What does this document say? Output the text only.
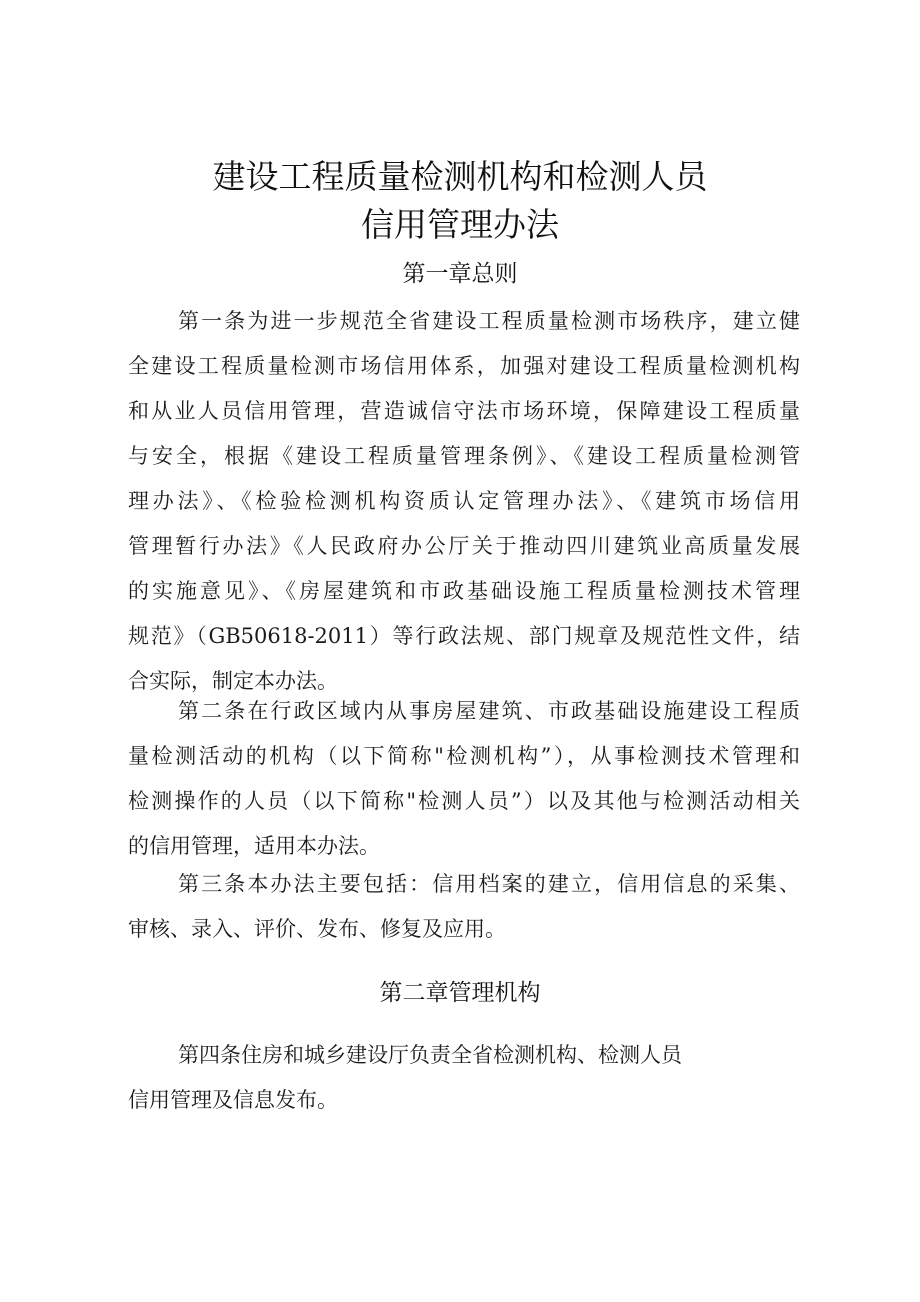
建设工程质量检测机构和检测人员
信用管理办法
第一章总则
第一条为进一步规范全省建设工程质量检测市场秩序，建立健
全建设工程质量检测市场信用体系，加强对建设工程质量检测机构
和从业人员信用管理，营造诚信守法市场环境，保障建设工程质量
与安全，根据《建设工程质量管理条例》、《建设工程质量检测管
理办法》、《检验检测机构资质认定管理办法》、《建筑市场信用
管理暂行办法》《人民政府办公厅关于推动四川建筑业高质量发展
的实施意见》、《房屋建筑和市政基础设施工程质量检测技术管理
规范》（GB50618-2011）等行政法规、部门规章及规范性文件，结
合实际，制定本办法。
第二条在行政区域内从事房屋建筑、市政基础设施建设工程质
量检测活动的机构（以下简称"检测机构”），从事检测技术管理和
检测操作的人员（以下简称"检测人员”）以及其他与检测活动相关
的信用管理，适用本办法。
第三条本办法主要包括：信用档案的建立，信用信息的采集、
审核、录入、评价、发布、修复及应用。
第二章管理机构
第四条住房和城乡建设厅负责全省检测机构、检测人员
信用管理及信息发布。
